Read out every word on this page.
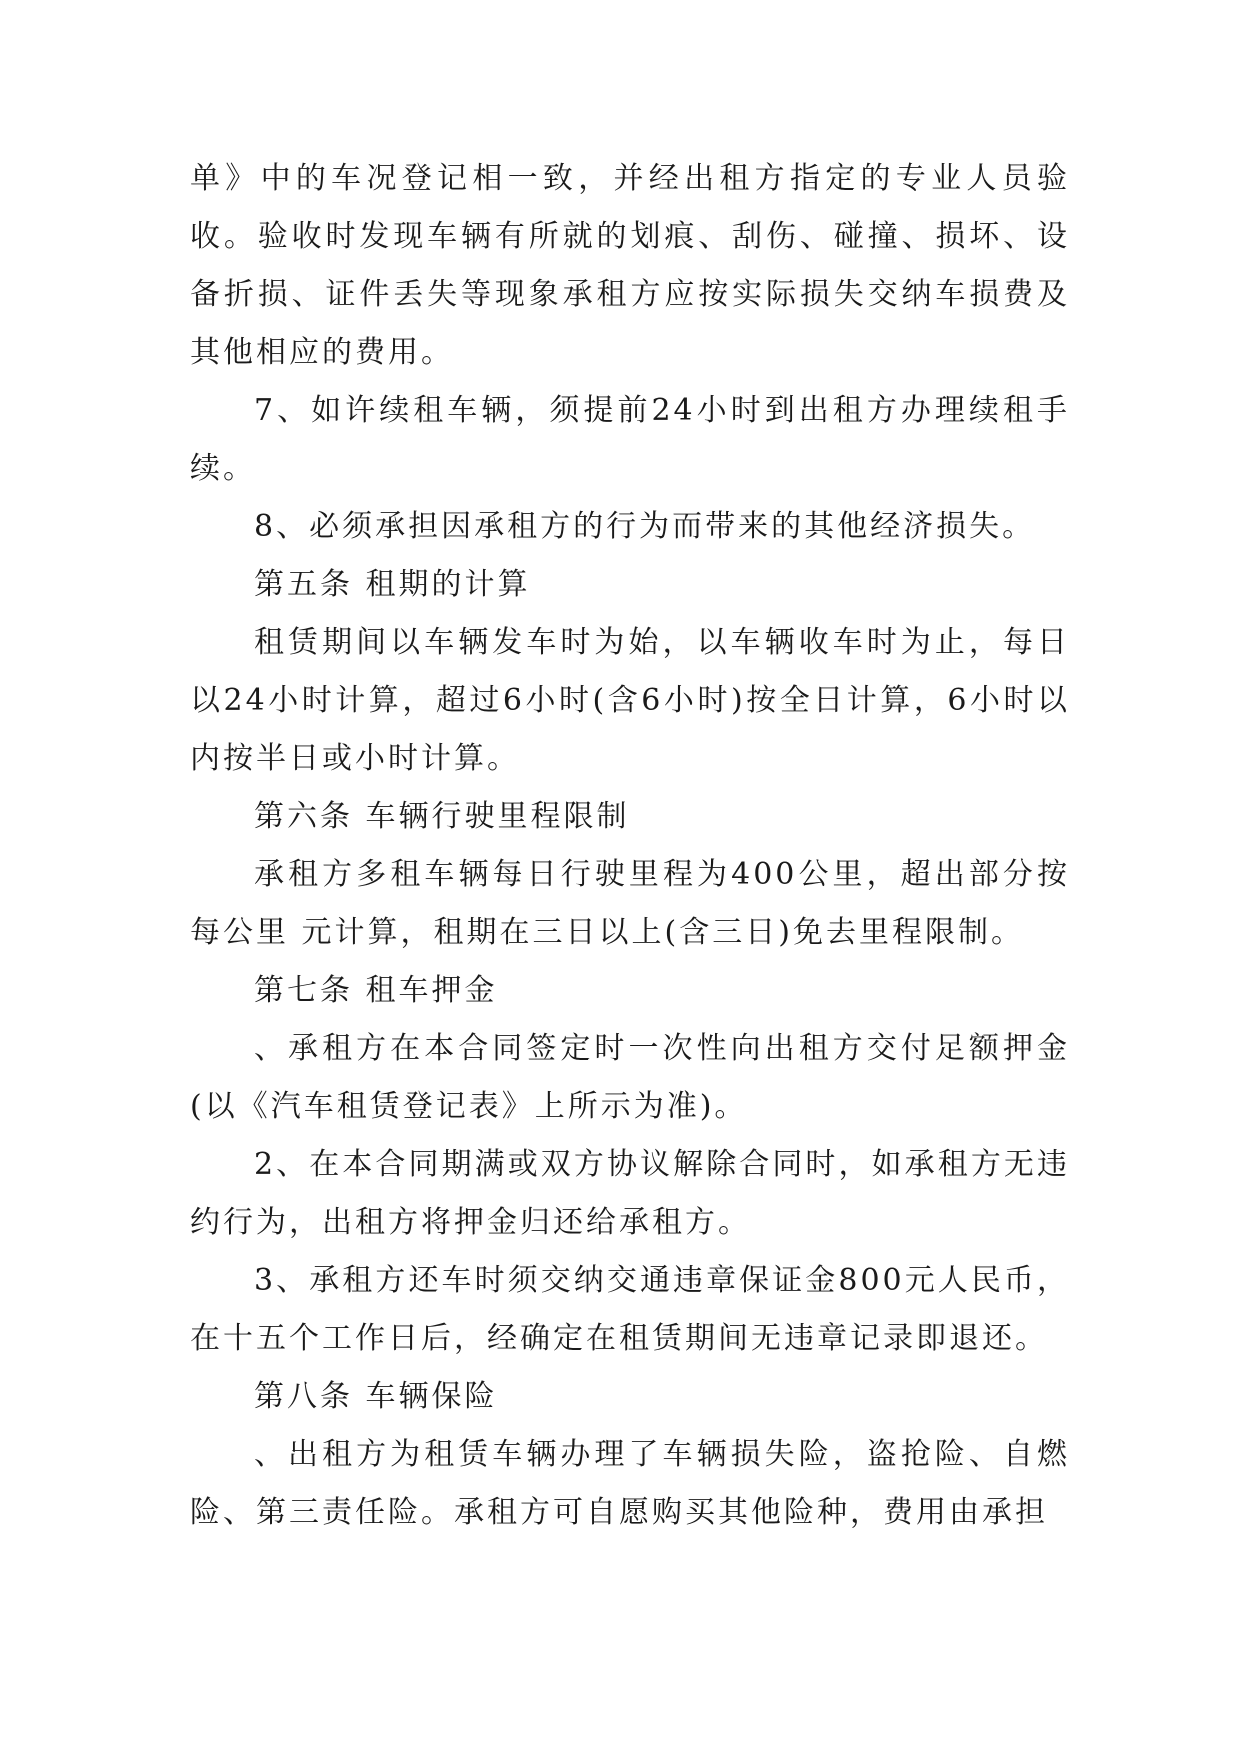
单》中的车况登记相一致，并经出租方指定的专业人员验收。验收时发现车辆有所就的划痕、刮伤、碰撞、损坏、设备折损、证件丢失等现象承租方应按实际损失交纳车损费及其他相应的费用。

7、如许续租车辆，须提前24小时到出租方办理续租手续。

8、必须承担因承租方的行为而带来的其他经济损失。

第五条 租期的计算

租赁期间以车辆发车时为始，以车辆收车时为止，每日以24小时计算，超过6小时(含6小时)按全日计算，6小时以内按半日或小时计算。

第六条 车辆行驶里程限制

承租方多租车辆每日行驶里程为400公里，超出部分按每公里 元计算，租期在三日以上(含三日)免去里程限制。

第七条 租车押金

、承租方在本合同签定时一次性向出租方交付足额押金(以《汽车租赁登记表》上所示为准)。

2、在本合同期满或双方协议解除合同时，如承租方无违约行为，出租方将押金归还给承租方。

3、承租方还车时须交纳交通违章保证金800元人民币，在十五个工作日后，经确定在租赁期间无违章记录即退还。

第八条 车辆保险

、出租方为租赁车辆办理了车辆损失险，盗抢险、自燃险、第三责任险。承租方可自愿购买其他险种，费用由承担
